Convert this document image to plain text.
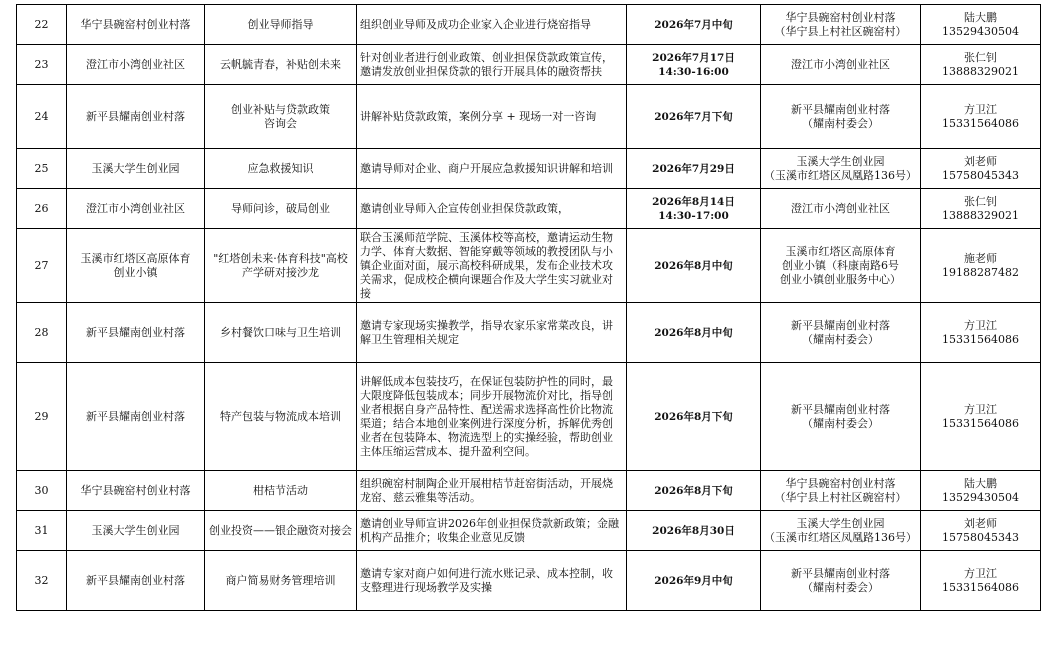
22	华宁县碗窑村创业村落	创业导师指导	组织创业导师及成功企业家入企业进行烧窑指导	2026年7月中旬	华宁县碗窑村创业村落
（华宁县上村社区碗窑村）	陆大鹏
13529430504
23	澄江市小湾创业社区	云帆毓青春，补贴创未来	针对创业者进行创业政策、创业担保贷款政策宣传，邀请发放创业担保贷款的银行开展具体的融资帮扶	2026年7月17日
14:30-16:00	澄江市小湾创业社区	张仁钊
13888329021
24	新平县耀南创业村落	创业补贴与贷款政策
咨询会	讲解补贴贷款政策，案例分享 + 现场一对一咨询	2026年7月下旬	新平县耀南创业村落
（耀南村委会）	方卫江
15331564086
25	玉溪大学生创业园	应急救援知识	邀请导师对企业、商户开展应急救援知识讲解和培训	2026年7月29日	玉溪大学生创业园
（玉溪市红塔区凤凰路136号）	刘老师
15758045343
26	澄江市小湾创业社区	导师问诊，破局创业	邀请创业导师入企宣传创业担保贷款政策，	2026年8月14日
14:30-17:00	澄江市小湾创业社区	张仁钊
13888329021
27	玉溪市红塔区高原体育
创业小镇	"红塔创未来·体育科技"高校产学研对接沙龙	联合玉溪师范学院、玉溪体校等高校，邀请运动生物力学、体育大数据、智能穿戴等领域的教授团队与小镇企业面对面，展示高校科研成果，发布企业技术攻关需求，促成校企横向课题合作及大学生实习就业对接	2026年8月中旬	玉溪市红塔区高原体育
创业小镇（科康南路6号
创业小镇创业服务中心）	施老师
19188287482
28	新平县耀南创业村落	乡村餐饮口味与卫生培训	邀请专家现场实操教学，指导农家乐家常菜改良，讲解卫生管理相关规定	2026年8月中旬	新平县耀南创业村落
（耀南村委会）	方卫江
15331564086
29	新平县耀南创业村落	特产包装与物流成本培训	讲解低成本包装技巧，在保证包装防护性的同时，最大限度降低包装成本；同步开展物流价对比，指导创业者根据自身产品特性、配送需求选择高性价比物流渠道；结合本地创业案例进行深度分析，拆解优秀创业者在包装降本、物流选型上的实操经验，帮助创业主体压缩运营成本、提升盈利空间。	2026年8月下旬	新平县耀南创业村落
（耀南村委会）	方卫江
15331564086
30	华宁县碗窑村创业村落	柑桔节活动	组织碗窑村制陶企业开展柑桔节赶窑街活动，开展烧龙窑、慈云雅集等活动。	2026年8月下旬	华宁县碗窑村创业村落
（华宁县上村社区碗窑村）	陆大鹏
13529430504
31	玉溪大学生创业园	创业投资——银企融资对接会	邀请创业导师宣讲2026年创业担保贷款新政策；金融机构产品推介；收集企业意见反馈	2026年8月30日	玉溪大学生创业园
（玉溪市红塔区凤凰路136号）	刘老师
15758045343
32	新平县耀南创业村落	商户简易财务管理培训	邀请专家对商户如何进行流水账记录、成本控制，收支整理进行现场教学及实操	2026年9月中旬	新平县耀南创业村落
（耀南村委会）	方卫江
15331564086
